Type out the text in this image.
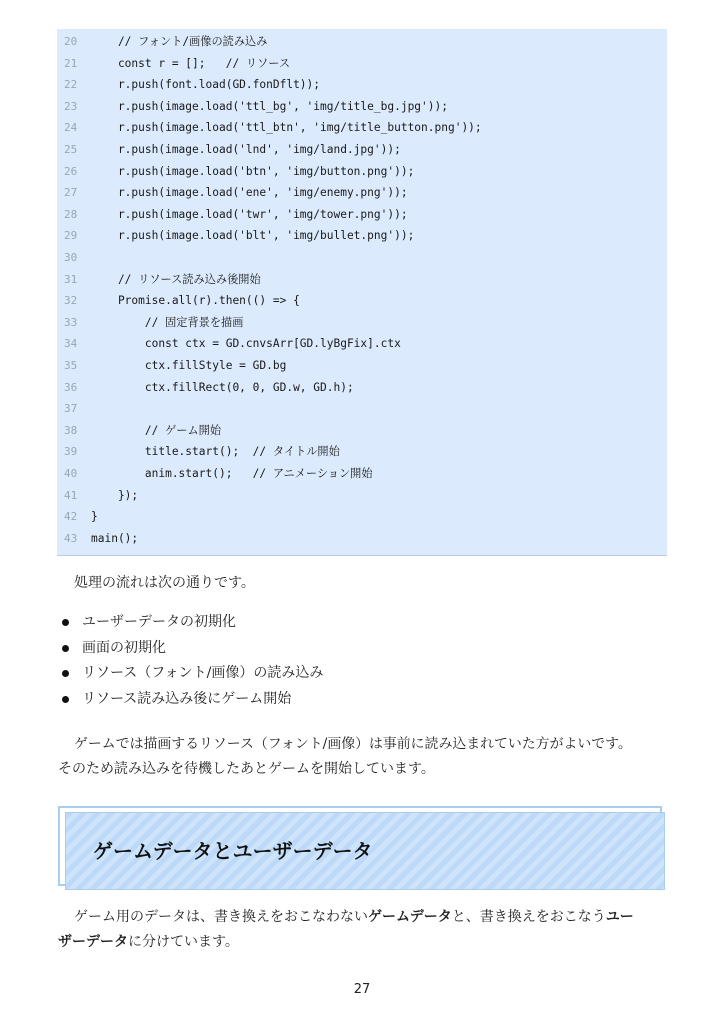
20	// フォント/画像の読み込み
21	const r = [];   // リソース
22	r.push(font.load(GD.fonDflt));
23	r.push(image.load('ttl_bg', 'img/title_bg.jpg'));
24	r.push(image.load('ttl_btn', 'img/title_button.png'));
25	r.push(image.load('lnd', 'img/land.jpg'));
26	r.push(image.load('btn', 'img/button.png'));
27	r.push(image.load('ene', 'img/enemy.png'));
28	r.push(image.load('twr', 'img/tower.png'));
29	r.push(image.load('blt', 'img/bullet.png'));
30
31	// リソース読み込み後開始
32	Promise.all(r).then(() => {
33	// 固定背景を描画
34	const ctx = GD.cnvsArr[GD.lyBgFix].ctx
35	ctx.fillStyle = GD.bg
36	ctx.fillRect(0, 0, GD.w, GD.h);
37
38	// ゲーム開始
39	title.start();  // タイトル開始
40	anim.start();   // アニメーション開始
41	});
42	}
43	main();
処理の流れは次の通りです。
ユーザーデータの初期化
画面の初期化
リソース（フォント/画像）の読み込み
リソース読み込み後にゲーム開始
ゲームでは描画するリソース（フォント/画像）は事前に読み込まれていた方がよいです。
そのため読み込みを待機したあとゲームを開始しています。
ゲームデータとユーザーデータ
ゲーム用のデータは、書き換えをおこなわないゲームデータと、書き換えをおこなうユー
ザーデータに分けています。
27
